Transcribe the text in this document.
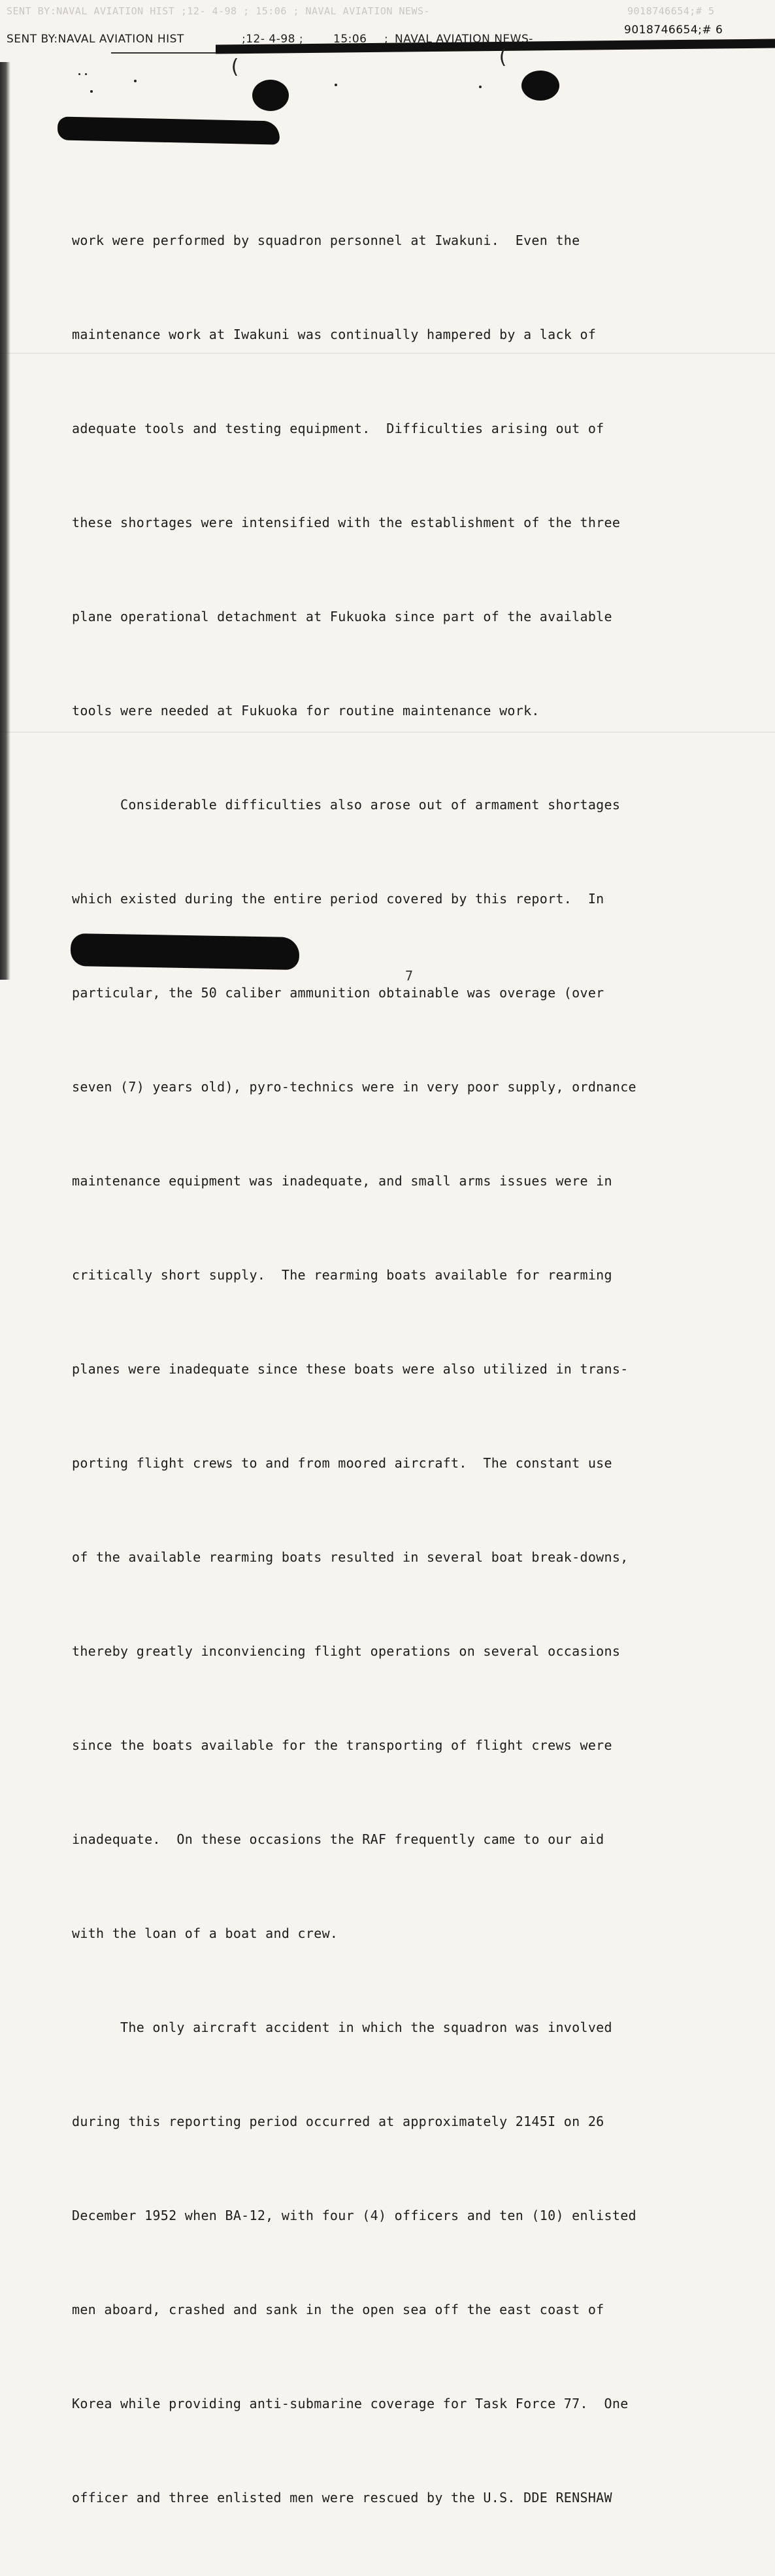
SENT BY:NAVAL AVIATION HIST ;12- 4-98 ; 15:06 ; NAVAL AVIATION NEWS-	9018746654;# 5
SENT BY:NAVAL AVIATION HIST	;12- 4-98 ;	15:06 ; NAVAL AVIATION NEWS-
9018746654;# 6
(	(

work were performed by squadron personnel at Iwakuni.  Even the

maintenance work at Iwakuni was continually hampered by a lack of

adequate tools and testing equipment.  Difficulties arising out of

these shortages were intensified with the establishment of the three

plane operational detachment at Fukuoka since part of the available

tools were needed at Fukuoka for routine maintenance work.

Considerable difficulties also arose out of armament shortages

which existed during the entire period covered by this report.  In

particular, the 50 caliber ammunition obtainable was overage (over

seven (7) years old), pyro-technics were in very poor supply, ordnance

maintenance equipment was inadequate, and small arms issues were in

critically short supply.  The rearming boats available for rearming

planes were inadequate since these boats were also utilized in trans-

porting flight crews to and from moored aircraft.  The constant use

of the available rearming boats resulted in several boat break-downs,

thereby greatly inconviencing flight operations on several occasions

since the boats available for the transporting of flight crews were

inadequate.  On these occasions the RAF frequently came to our aid

with the loan of a boat and crew.

The only aircraft accident in which the squadron was involved

during this reporting period occurred at approximately 2145I on 26

December 1952 when BA-12, with four (4) officers and ten (10) enlisted

men aboard, crashed and sank in the open sea off the east coast of

Korea while providing anti-submarine coverage for Task Force 77.  One

officer and three enlisted men were rescued by the U.S. DDE RENSHAW

7
